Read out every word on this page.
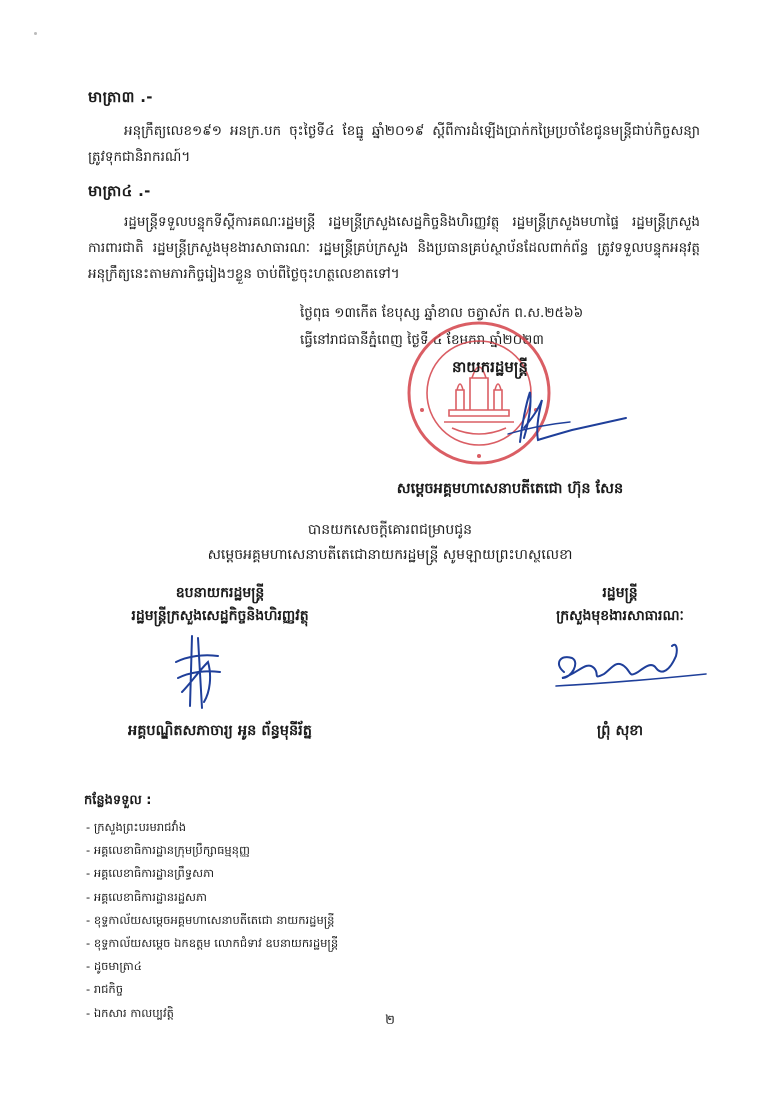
មាត្រា៣ .-
អនុក្រឹត្យលេខ១៩១ អនក្រ.បក ចុះថ្ងៃទី៤ ខែធ្នូ ឆ្នាំ២០១៩ ស្ដីពីការដំឡើងប្រាក់កម្រៃប្រចាំខែជូនមន្ត្រីជាប់កិច្ចសន្យា ត្រូវទុកជានិរាករណ៍។
មាត្រា៤ .-
រដ្ឋមន្ត្រីទទួលបន្ទុកទីស្ដីការគណៈរដ្ឋមន្ត្រី រដ្ឋមន្ត្រីក្រសួងសេដ្ឋកិច្ចនិងហិរញ្ញវត្ថុ រដ្ឋមន្ត្រីក្រសួងមហាផ្ទៃ រដ្ឋមន្ត្រីក្រសួងការពារជាតិ រដ្ឋមន្ត្រីក្រសួងមុខងារសាធារណៈ រដ្ឋមន្ត្រីគ្រប់ក្រសួង និងប្រធានគ្រប់ស្ថាប័នដែលពាក់ព័ន្ធ ត្រូវទទួលបន្ទុកអនុវត្តអនុក្រឹត្យនេះតាមភារកិច្ចរៀងៗខ្លួន ចាប់ពីថ្ងៃចុះហត្ថលេខាតទៅ។
ថ្ងៃពុធ ១៣កើត ខែបុស្ស ឆ្នាំខាល ចត្វាស័ក ព.ស.២៥៦៦
ធ្វើនៅរាជធានីភ្នំពេញ ថ្ងៃទី ៤ ខែមករា ឆ្នាំ២០២៣
នាយករដ្ឋមន្ត្រី
សម្ដេចអគ្គមហាសេនាបតីតេជោ ហ៊ុន សែន
បានយកសេចក្ដីគោរពជម្រាបជូន
សម្ដេចអគ្គមហាសេនាបតីតេជោនាយករដ្ឋមន្ត្រី សូមឡាយព្រះហស្ថលេខា
ឧបនាយករដ្ឋមន្ត្រី
រដ្ឋមន្ត្រីក្រសួងសេដ្ឋកិច្ចនិងហិរញ្ញវត្ថុ
អគ្គបណ្ឌិតសភាចារ្យ អូន ព័ន្ធមុនីរ័ត្ន
រដ្ឋមន្ត្រី
ក្រសួងមុខងារសាធារណៈ
ព្រុំ សុខា
កន្លែងទទួល :
- ក្រសួងព្រះបរមរាជវាំង
- អគ្គលេខាធិការដ្ឋានក្រុមប្រឹក្សាធម្មនុញ្ញ
- អគ្គលេខាធិការដ្ឋានព្រឹទ្ធសភា
- អគ្គលេខាធិការដ្ឋានរដ្ឋសភា
- ខុទ្ទកាល័យសម្ដេចអគ្គមហាសេនាបតីតេជោ នាយករដ្ឋមន្ត្រី
- ខុទ្ទកាល័យសម្ដេច ឯកឧត្ដម លោកជំទាវ ឧបនាយករដ្ឋមន្ត្រី
- ដូចមាត្រា៤
- រាជកិច្ច
- ឯកសារ កាលប្បវត្តិ
២
